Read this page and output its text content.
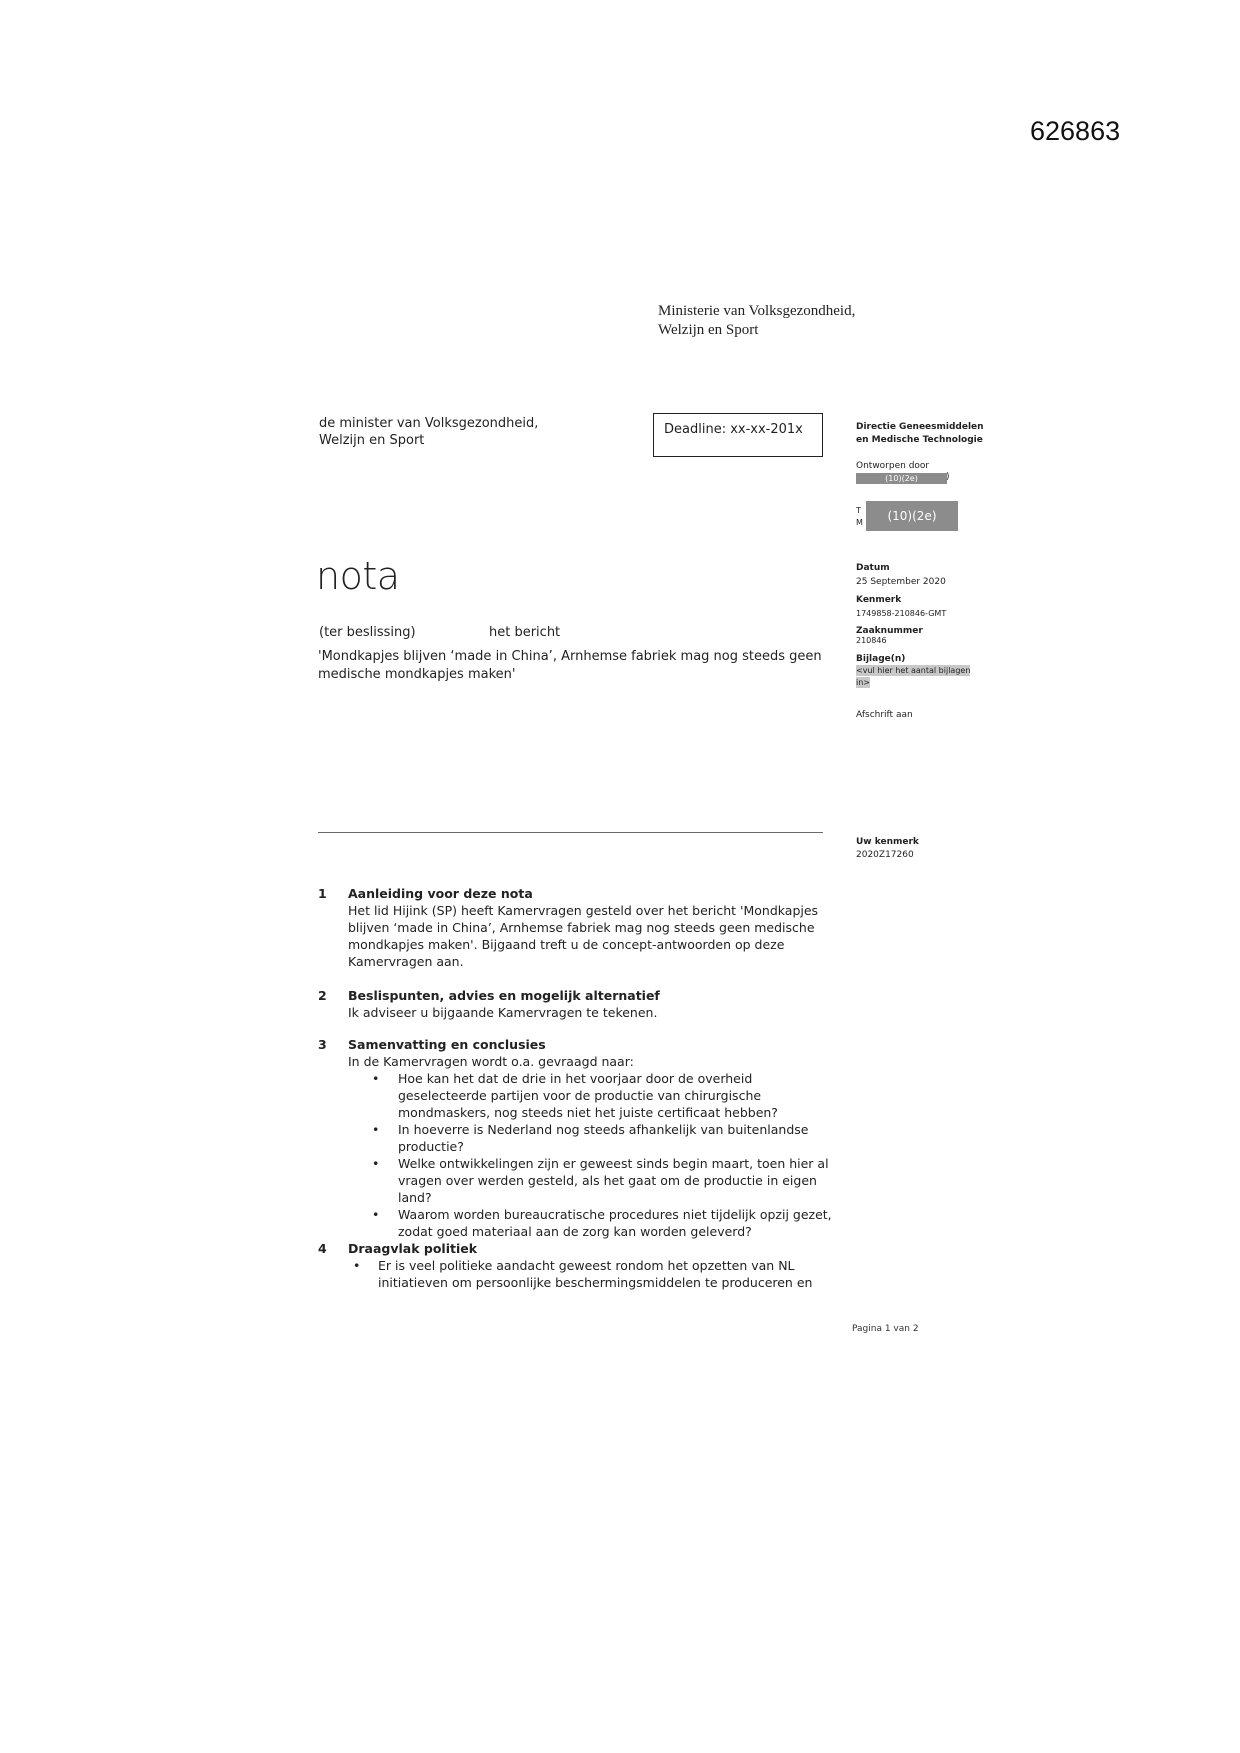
626863
Ministerie van Volksgezondheid,
Welzijn en Sport
de minister van Volksgezondheid,
Welzijn en Sport
Deadline: xx-xx-201x
nota
(ter beslissing)	het bericht
'Mondkapjes blijven ‘made in China’, Arnhemse fabriek mag nog steeds geen medische mondkapjes maken'
Directie Geneesmiddelen
en Medische Technologie
Ontworpen door
(10)(2e)	)
T
M	(10)(2e)
Datum
25 September 2020
Kenmerk
1749858-210846-GMT
Zaaknummer
210846
Bijlage(n)
<vul hier het aantal bijlagen
in>
Afschrift aan
Uw kenmerk
2020Z17260
1 Aanleiding voor deze nota
Het lid Hijink (SP) heeft Kamervragen gesteld over het bericht 'Mondkapjes
blijven ‘made in China’, Arnhemse fabriek mag nog steeds geen medische
mondkapjes maken'. Bijgaand treft u de concept-antwoorden op deze
Kamervragen aan.
2 Beslispunten, advies en mogelijk alternatief
Ik adviseer u bijgaande Kamervragen te tekenen.
3 Samenvatting en conclusies
In de Kamervragen wordt o.a. gevraagd naar:
• Hoe kan het dat de drie in het voorjaar door de overheid
geselecteerde partijen voor de productie van chirurgische
mondmaskers, nog steeds niet het juiste certificaat hebben?
• In hoeverre is Nederland nog steeds afhankelijk van buitenlandse
productie?
• Welke ontwikkelingen zijn er geweest sinds begin maart, toen hier al
vragen over werden gesteld, als het gaat om de productie in eigen
land?
• Waarom worden bureaucratische procedures niet tijdelijk opzij gezet,
zodat goed materiaal aan de zorg kan worden geleverd?
4 Draagvlak politiek
• Er is veel politieke aandacht geweest rondom het opzetten van NL
initiatieven om persoonlijke beschermingsmiddelen te produceren en
Pagina 1 van 2
